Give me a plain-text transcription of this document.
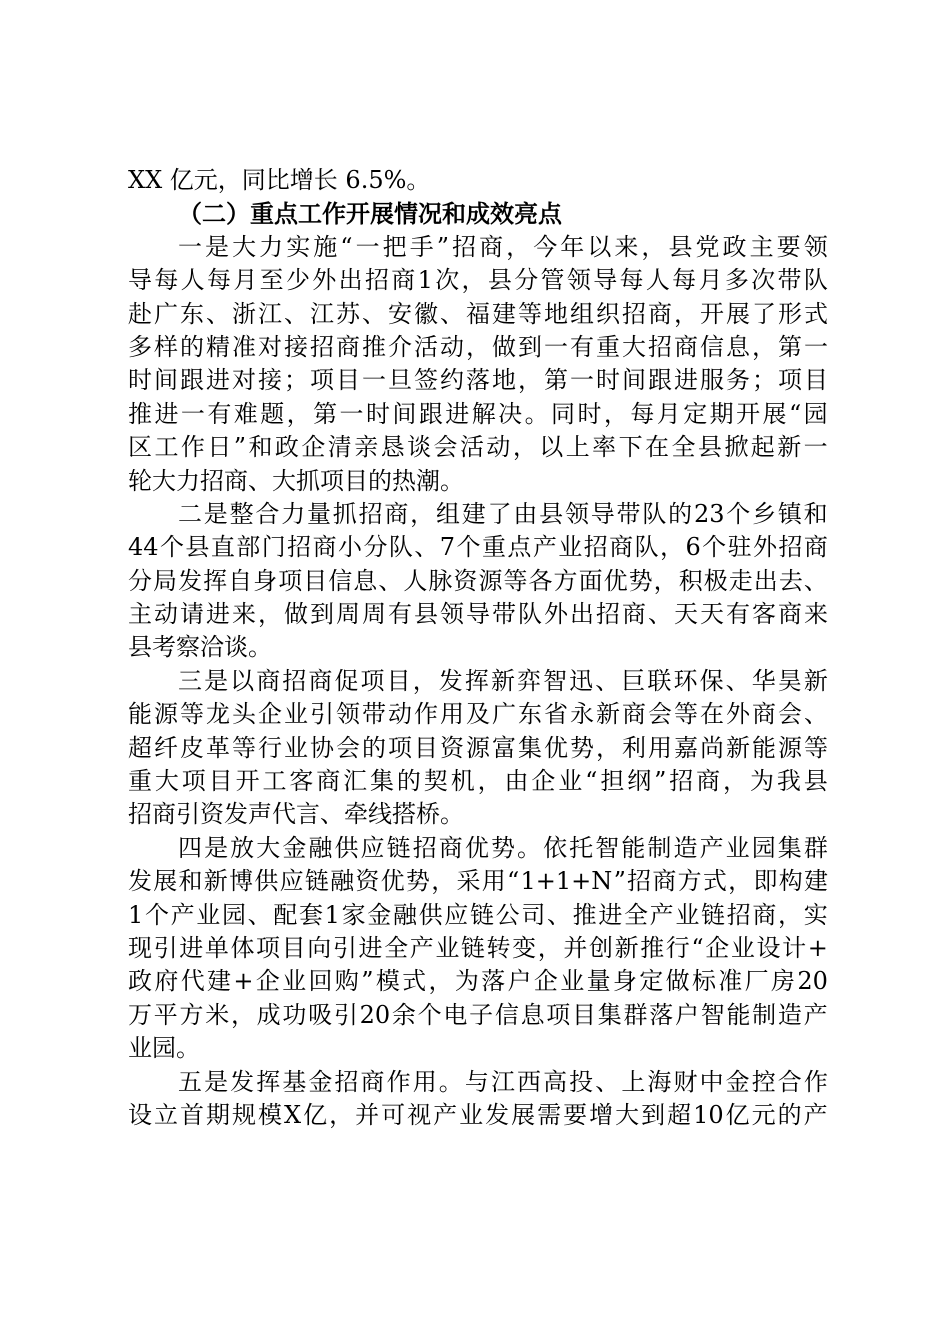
XX 亿元，同比增长 6.5%。
（二）重点工作开展情况和成效亮点
一 是 大 力 实 施 “ 一 把 手 ” 招 商 ， 今 年 以 来 ， 县 党 政 主 要 领
导 每 人 每 月 至 少 外 出 招 商 1 次 ， 县 分 管 领 导 每 人 每 月 多 次 带 队
赴 广 东 、 浙 江 、 江 苏 、 安 徽 、 福 建 等 地 组 织 招 商 ， 开 展 了 形 式
多 样 的 精 准 对 接 招 商 推 介 活 动 ， 做 到 一 有 重 大 招 商 信 息 ， 第 一
时 间 跟 进 对 接 ； 项 目 一 旦 签 约 落 地 ， 第 一 时 间 跟 进 服 务 ； 项 目
推 进 一 有 难 题 ， 第 一 时 间 跟 进 解 决 。 同 时 ， 每 月 定 期 开 展 “ 园
区 工 作 日 ” 和 政 企 清 亲 恳 谈 会 活 动 ， 以 上 率 下 在 全 县 掀 起 新 一
轮大力招商、大抓项目的热潮。
二 是 整 合 力 量 抓 招 商 ， 组 建 了 由 县 领 导 带 队 的 23 个 乡 镇 和
44 个 县 直 部 门 招 商 小 分 队 、 7 个 重 点 产 业 招 商 队 ， 6 个 驻 外 招 商
分 局 发 挥 自 身 项 目 信 息 、 人 脉 资 源 等 各 方 面 优 势 ， 积 极 走 出 去 、
主 动 请 进 来 ， 做 到 周 周 有 县 领 导 带 队 外 出 招 商 、 天 天 有 客 商 来
县考察洽谈。
三 是 以 商 招 商 促 项 目 ， 发 挥 新 弈 智 迅 、 巨 联 环 保 、 华 昊 新
能 源 等 龙 头 企 业 引 领 带 动 作 用 及 广 东 省 永 新 商 会 等 在 外 商 会 、
超 纤 皮 革 等 行 业 协 会 的 项 目 资 源 富 集 优 势 ， 利 用 嘉 尚 新 能 源 等
重 大 项 目 开 工 客 商 汇 集 的 契 机 ， 由 企 业 “ 担 纲 ” 招 商 ， 为 我 县
招商引资发声代言、牵线搭桥。
四 是 放 大 金 融 供 应 链 招 商 优 势 。 依 托 智 能 制 造 产 业 园 集 群
发 展 和 新 博 供 应 链 融 资 优 势 ， 采 用 “ 1+1+N ” 招 商 方 式 ， 即 构 建
1 个 产 业 园 、 配 套 1 家 金 融 供 应 链 公 司 、 推 进 全 产 业 链 招 商 ， 实
现 引 进 单 体 项 目 向 引 进 全 产 业 链 转 变 ， 并 创 新 推 行 “ 企 业 设 计 +
政 府 代 建 + 企 业 回 购 ” 模 式 ， 为 落 户 企 业 量 身 定 做 标 准 厂 房 20
万 平 方 米 ， 成 功 吸 引 20 余 个 电 子 信 息 项 目 集 群 落 户 智 能 制 造 产
业园。
五 是 发 挥 基 金 招 商 作 用 。 与 江 西 高 投 、 上 海 财 中 金 控 合 作
设 立 首 期 规 模 X 亿 ， 并 可 视 产 业 发 展 需 要 增 大 到 超 10 亿 元 的 产
